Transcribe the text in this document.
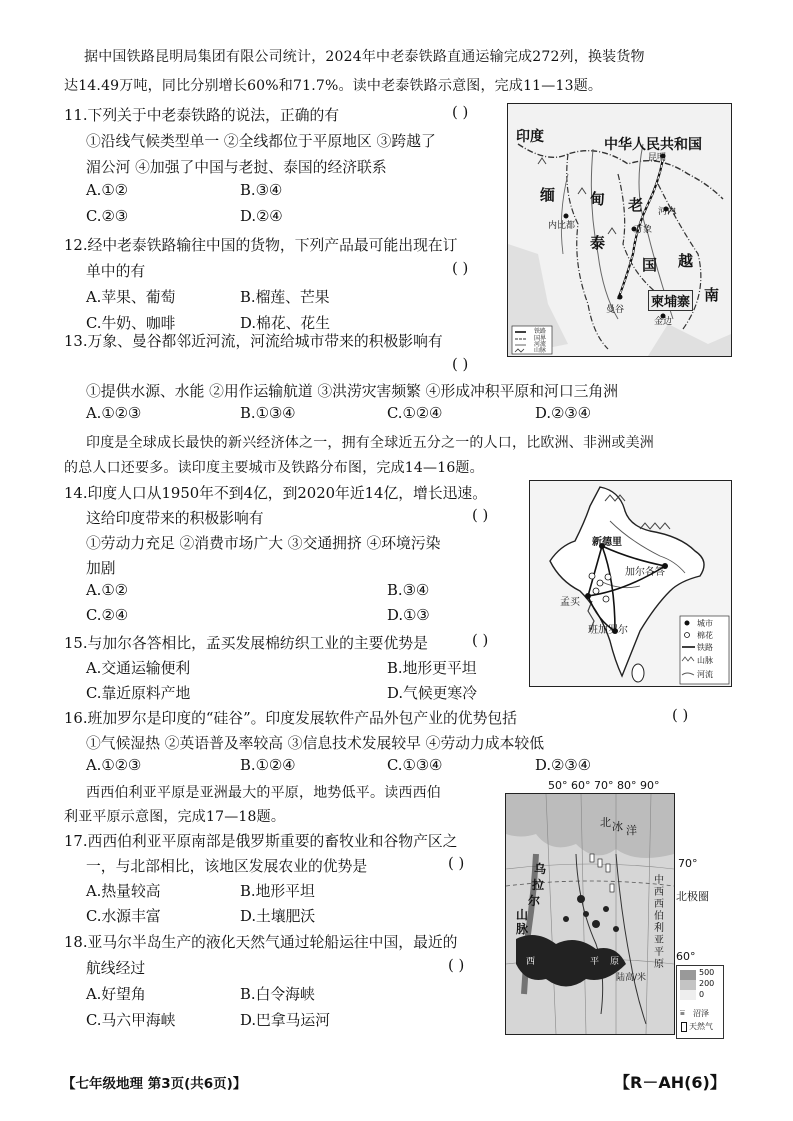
据中国铁路昆明局集团有限公司统计，2024年中老泰铁路直通运输完成272列，换装货物
达14.49万吨，同比分别增长60%和71.7%。读中老泰铁路示意图，完成11—13题。
11.下列关于中老泰铁路的说法，正确的有	( )
①沿线气候类型单一 ②全线都位于平原地区 ③跨越了
湄公河 ④加强了中国与老挝、泰国的经济联系
A.①②	B.③④
C.②③	D.②④
12.经中老泰铁路输往中国的货物，下列产品最可能出现在订
单中的有	( )
A.苹果、葡萄	B.榴莲、芒果
C.牛奶、咖啡	D.棉花、花生
印度	中华人民共和国
昆明
缅 甸 老
泰
国 越
南
柬埔寨
内比都
河内
万象
曼谷
金边
铁路
国界
河流
山脉
13.万象、曼谷都邻近河流，河流给城市带来的积极影响有
( )
①提供水源、水能 ②用作运输航道 ③洪涝灾害频繁 ④形成冲积平原和河口三角洲
A.①②③	B.①③④	C.①②④	D.②③④
印度是全球成长最快的新兴经济体之一，拥有全球近五分之一的人口，比欧洲、非洲或美洲
的总人口还要多。读印度主要城市及铁路分布图，完成14—16题。
14.印度人口从1950年不到4亿，到2020年近14亿，增长迅速。
这给印度带来的积极影响有	( )
①劳动力充足 ②消费市场广大 ③交通拥挤 ④环境污染
加剧
A.①②	B.③④
C.②④	D.①③
新德里
加尔各答
孟买
班加罗尔
城市
棉花
铁路
山脉
河流
15.与加尔各答相比，孟买发展棉纺织工业的主要优势是	( )
A.交通运输便利	B.地形更平坦
C.靠近原料产地	D.气候更寒冷
16.班加罗尔是印度的“硅谷”。印度发展软件产品外包产业的优势包括	( )
①气候湿热 ②英语普及率较高 ③信息技术发展较早 ④劳动力成本较低
A.①②③	B.①②④	C.①③④	D.②③④
西西伯利亚平原是亚洲最大的平原，地势低平。读西西伯
利亚平原示意图，完成17—18题。
17.西西伯利亚平原南部是俄罗斯重要的畜牧业和谷物产区之
一，与北部相比，该地区发展农业的优势是	( )
A.热量较高	B.地形平坦
C.水源丰富	D.土壤肥沃
18.亚马尔半岛生产的液化天然气通过轮船运往中国，最近的
航线经过	( )
A.好望角	B.白令海峡
C.马六甲海峡	D.巴拿马运河
50° 60° 70° 80° 90°
北 冰 洋
乌
拉
尔
山
脉
西	平 原
陆高/米
70°
北极圈
60°
中
西
西
伯
利
亚
平
原
500
200
0
⩸ 沼泽
天然气
【七年级地理 第3页(共6页)】	【R－AH(6)】
